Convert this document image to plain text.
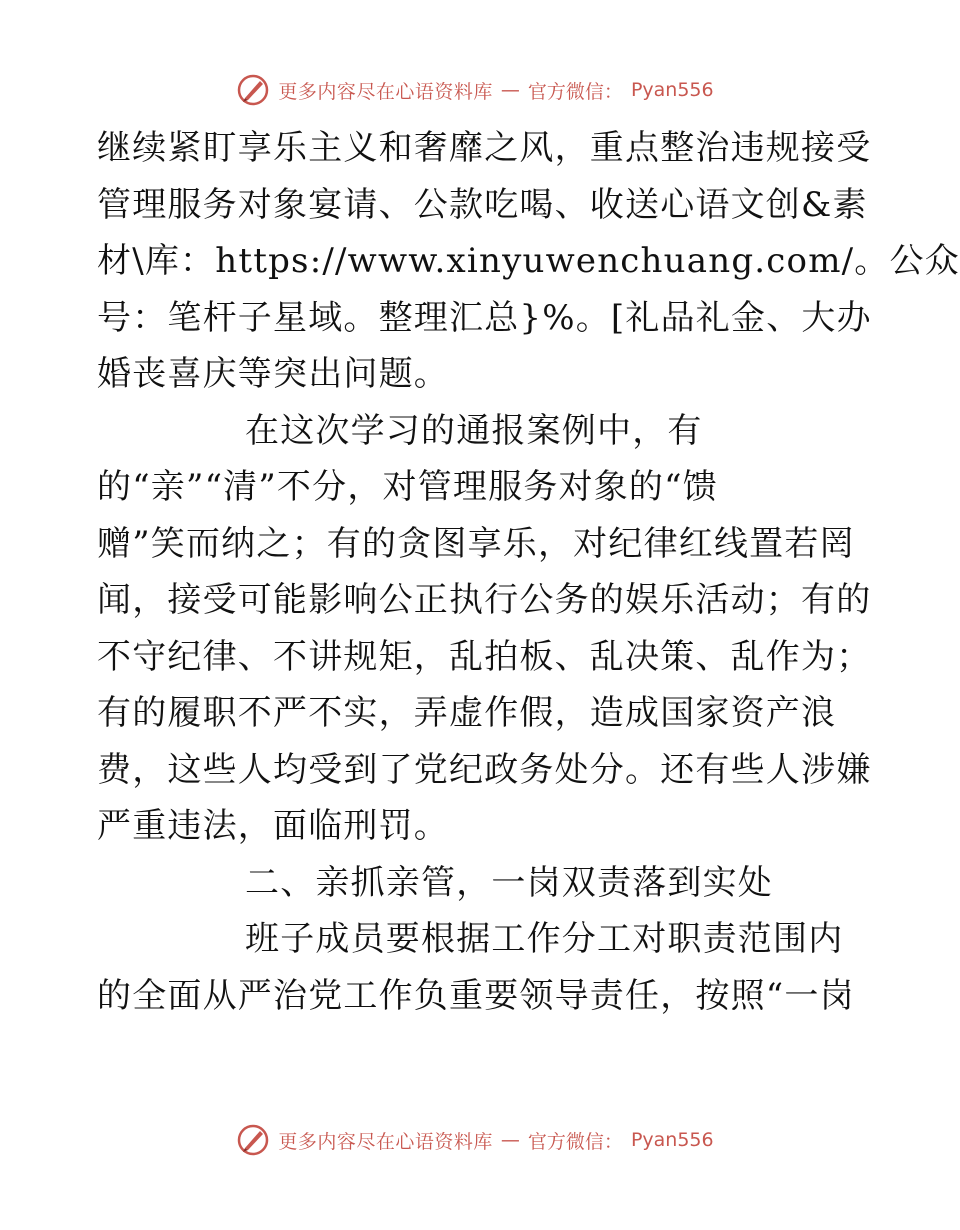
更多内容尽在心语资料库 — 官方微信： Pyan556
继续紧盯享乐主义和奢靡之风，重点整治违规接受
管理服务对象宴请、公款吃喝、收送心语文创&素
材\库：https://www.xinyuwenchuang.com/。公众
号：笔杆子星域。整理汇总}%。[礼品礼金、大办
婚丧喜庆等突出问题。
在这次学习的通报案例中，有
的“亲”“清”不分，对管理服务对象的“馈
赠”笑而纳之；有的贪图享乐，对纪律红线置若罔
闻，接受可能影响公正执行公务的娱乐活动；有的
不守纪律、不讲规矩，乱拍板、乱决策、乱作为；
有的履职不严不实，弄虚作假，造成国家资产浪
费，这些人均受到了党纪政务处分。还有些人涉嫌
严重违法，面临刑罚。
二、亲抓亲管，一岗双责落到实处
班子成员要根据工作分工对职责范围内
的全面从严治党工作负重要领导责任，按照“一岗
更多内容尽在心语资料库 — 官方微信： Pyan556
